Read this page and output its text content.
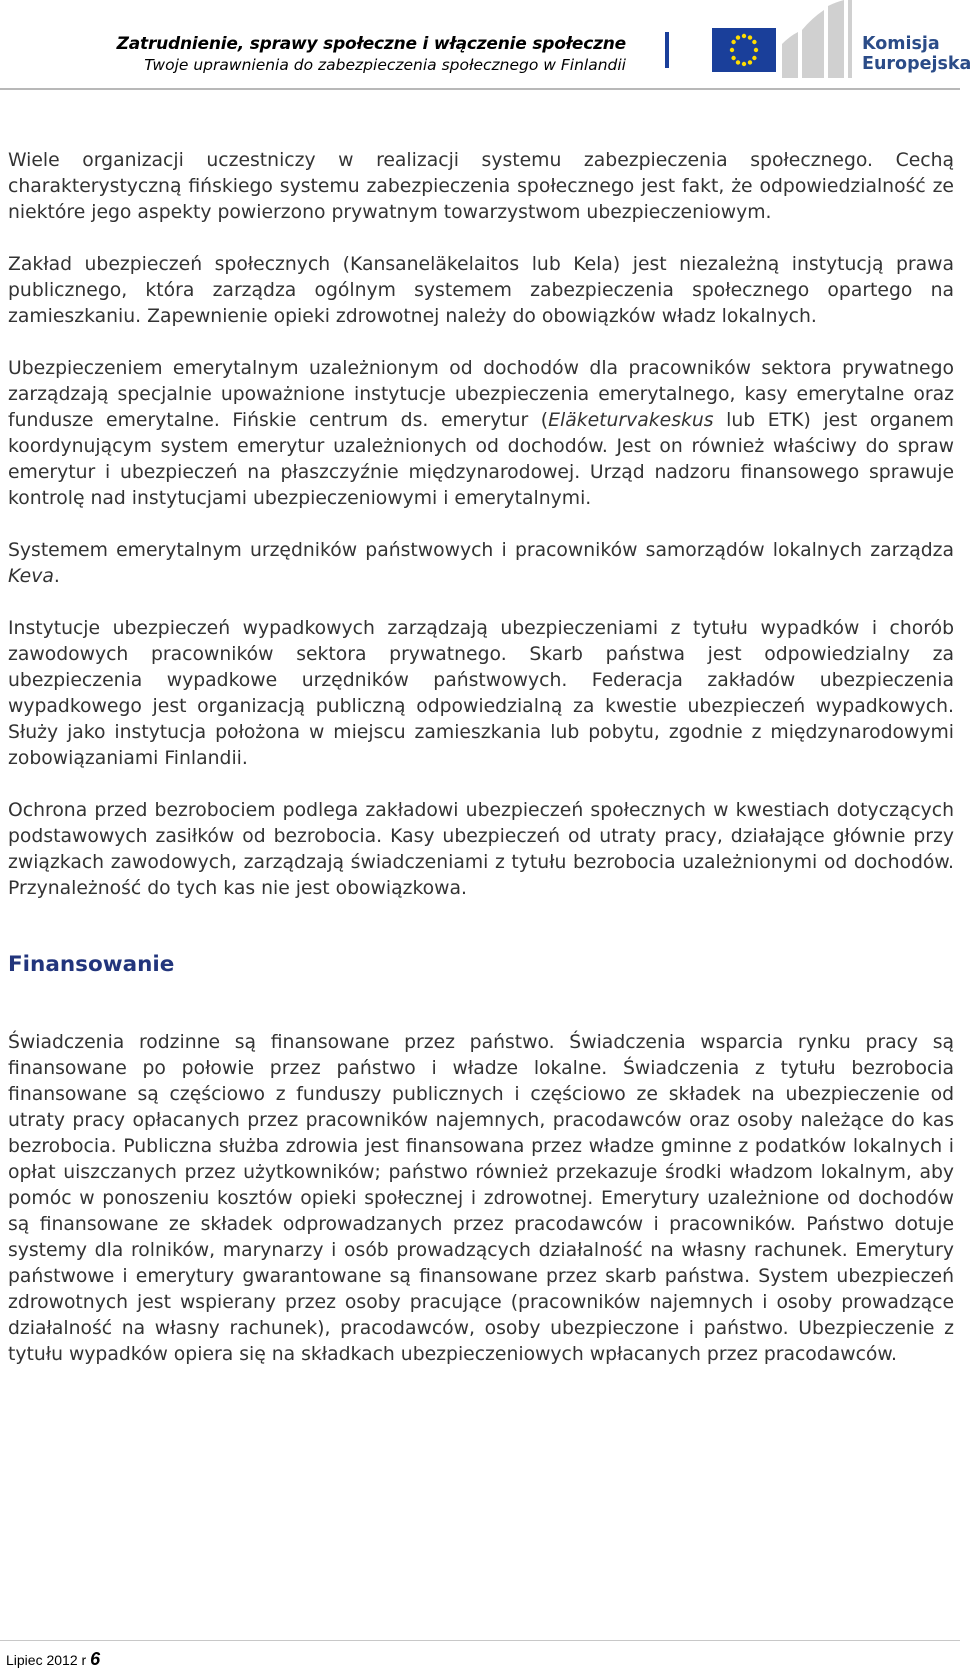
Zatrudnienie, sprawy społeczne i włączenie społeczne
Twoje uprawnienia do zabezpieczenia społecznego w Finlandii
Komisja
Europejska

Wiele organizacji uczestniczy w realizacji systemu zabezpieczenia społecznego. Cechą charakterystyczną fińskiego systemu zabezpieczenia społecznego jest fakt, że odpowiedzialność ze niektóre jego aspekty powierzono prywatnym towarzystwom ubezpieczeniowym.

Zakład ubezpieczeń społecznych (Kansaneläkelaitos lub Kela) jest niezależną instytucją prawa publicznego, która zarządza ogólnym systemem zabezpieczenia społecznego opartego na zamieszkaniu. Zapewnienie opieki zdrowotnej należy do obowiązków władz lokalnych.

Ubezpieczeniem emerytalnym uzależnionym od dochodów dla pracowników sektora prywatnego zarządzają specjalnie upoważnione instytucje ubezpieczenia emerytalnego, kasy emerytalne oraz fundusze emerytalne. Fińskie centrum ds. emerytur (Eläketurvakeskus lub ETK) jest organem koordynującym system emerytur uzależnionych od dochodów. Jest on również właściwy do spraw emerytur i ubezpieczeń na płaszczyźnie międzynarodowej. Urząd nadzoru finansowego sprawuje kontrolę nad instytucjami ubezpieczeniowymi i emerytalnymi.

Systemem emerytalnym urzędników państwowych i pracowników samorządów lokalnych zarządza Keva.

Instytucje ubezpieczeń wypadkowych zarządzają ubezpieczeniami z tytułu wypadków i chorób zawodowych pracowników sektora prywatnego. Skarb państwa jest odpowiedzialny za ubezpieczenia wypadkowe urzędników państwowych. Federacja zakładów ubezpieczenia wypadkowego jest organizacją publiczną odpowiedzialną za kwestie ubezpieczeń wypadkowych. Służy jako instytucja położona w miejscu zamieszkania lub pobytu, zgodnie z międzynarodowymi zobowiązaniami Finlandii.

Ochrona przed bezrobociem podlega zakładowi ubezpieczeń społecznych w kwestiach dotyczących podstawowych zasiłków od bezrobocia. Kasy ubezpieczeń od utraty pracy, działające głównie przy związkach zawodowych, zarządzają świadczeniami z tytułu bezrobocia uzależnionymi od dochodów. Przynależność do tych kas nie jest obowiązkowa.

Finansowanie

Świadczenia rodzinne są finansowane przez państwo. Świadczenia wsparcia rynku pracy są finansowane po połowie przez państwo i władze lokalne. Świadczenia z tytułu bezrobocia finansowane są częściowo z funduszy publicznych i częściowo ze składek na ubezpieczenie od utraty pracy opłacanych przez pracowników najemnych, pracodawców oraz osoby należące do kas bezrobocia. Publiczna służba zdrowia jest finansowana przez władze gminne z podatków lokalnych i opłat uiszczanych przez użytkowników; państwo również przekazuje środki władzom lokalnym, aby pomóc w ponoszeniu kosztów opieki społecznej i zdrowotnej. Emerytury uzależnione od dochodów są finansowane ze składek odprowadzanych przez pracodawców i pracowników. Państwo dotuje systemy dla rolników, marynarzy i osób prowadzących działalność na własny rachunek. Emerytury państwowe i emerytury gwarantowane są finansowane przez skarb państwa. System ubezpieczeń zdrowotnych jest wspierany przez osoby pracujące (pracowników najemnych i osoby prowadzące działalność na własny rachunek), pracodawców, osoby ubezpieczone i państwo. Ubezpieczenie z tytułu wypadków opiera się na składkach ubezpieczeniowych wpłacanych przez pracodawców.

Lipiec 2012 r 6
